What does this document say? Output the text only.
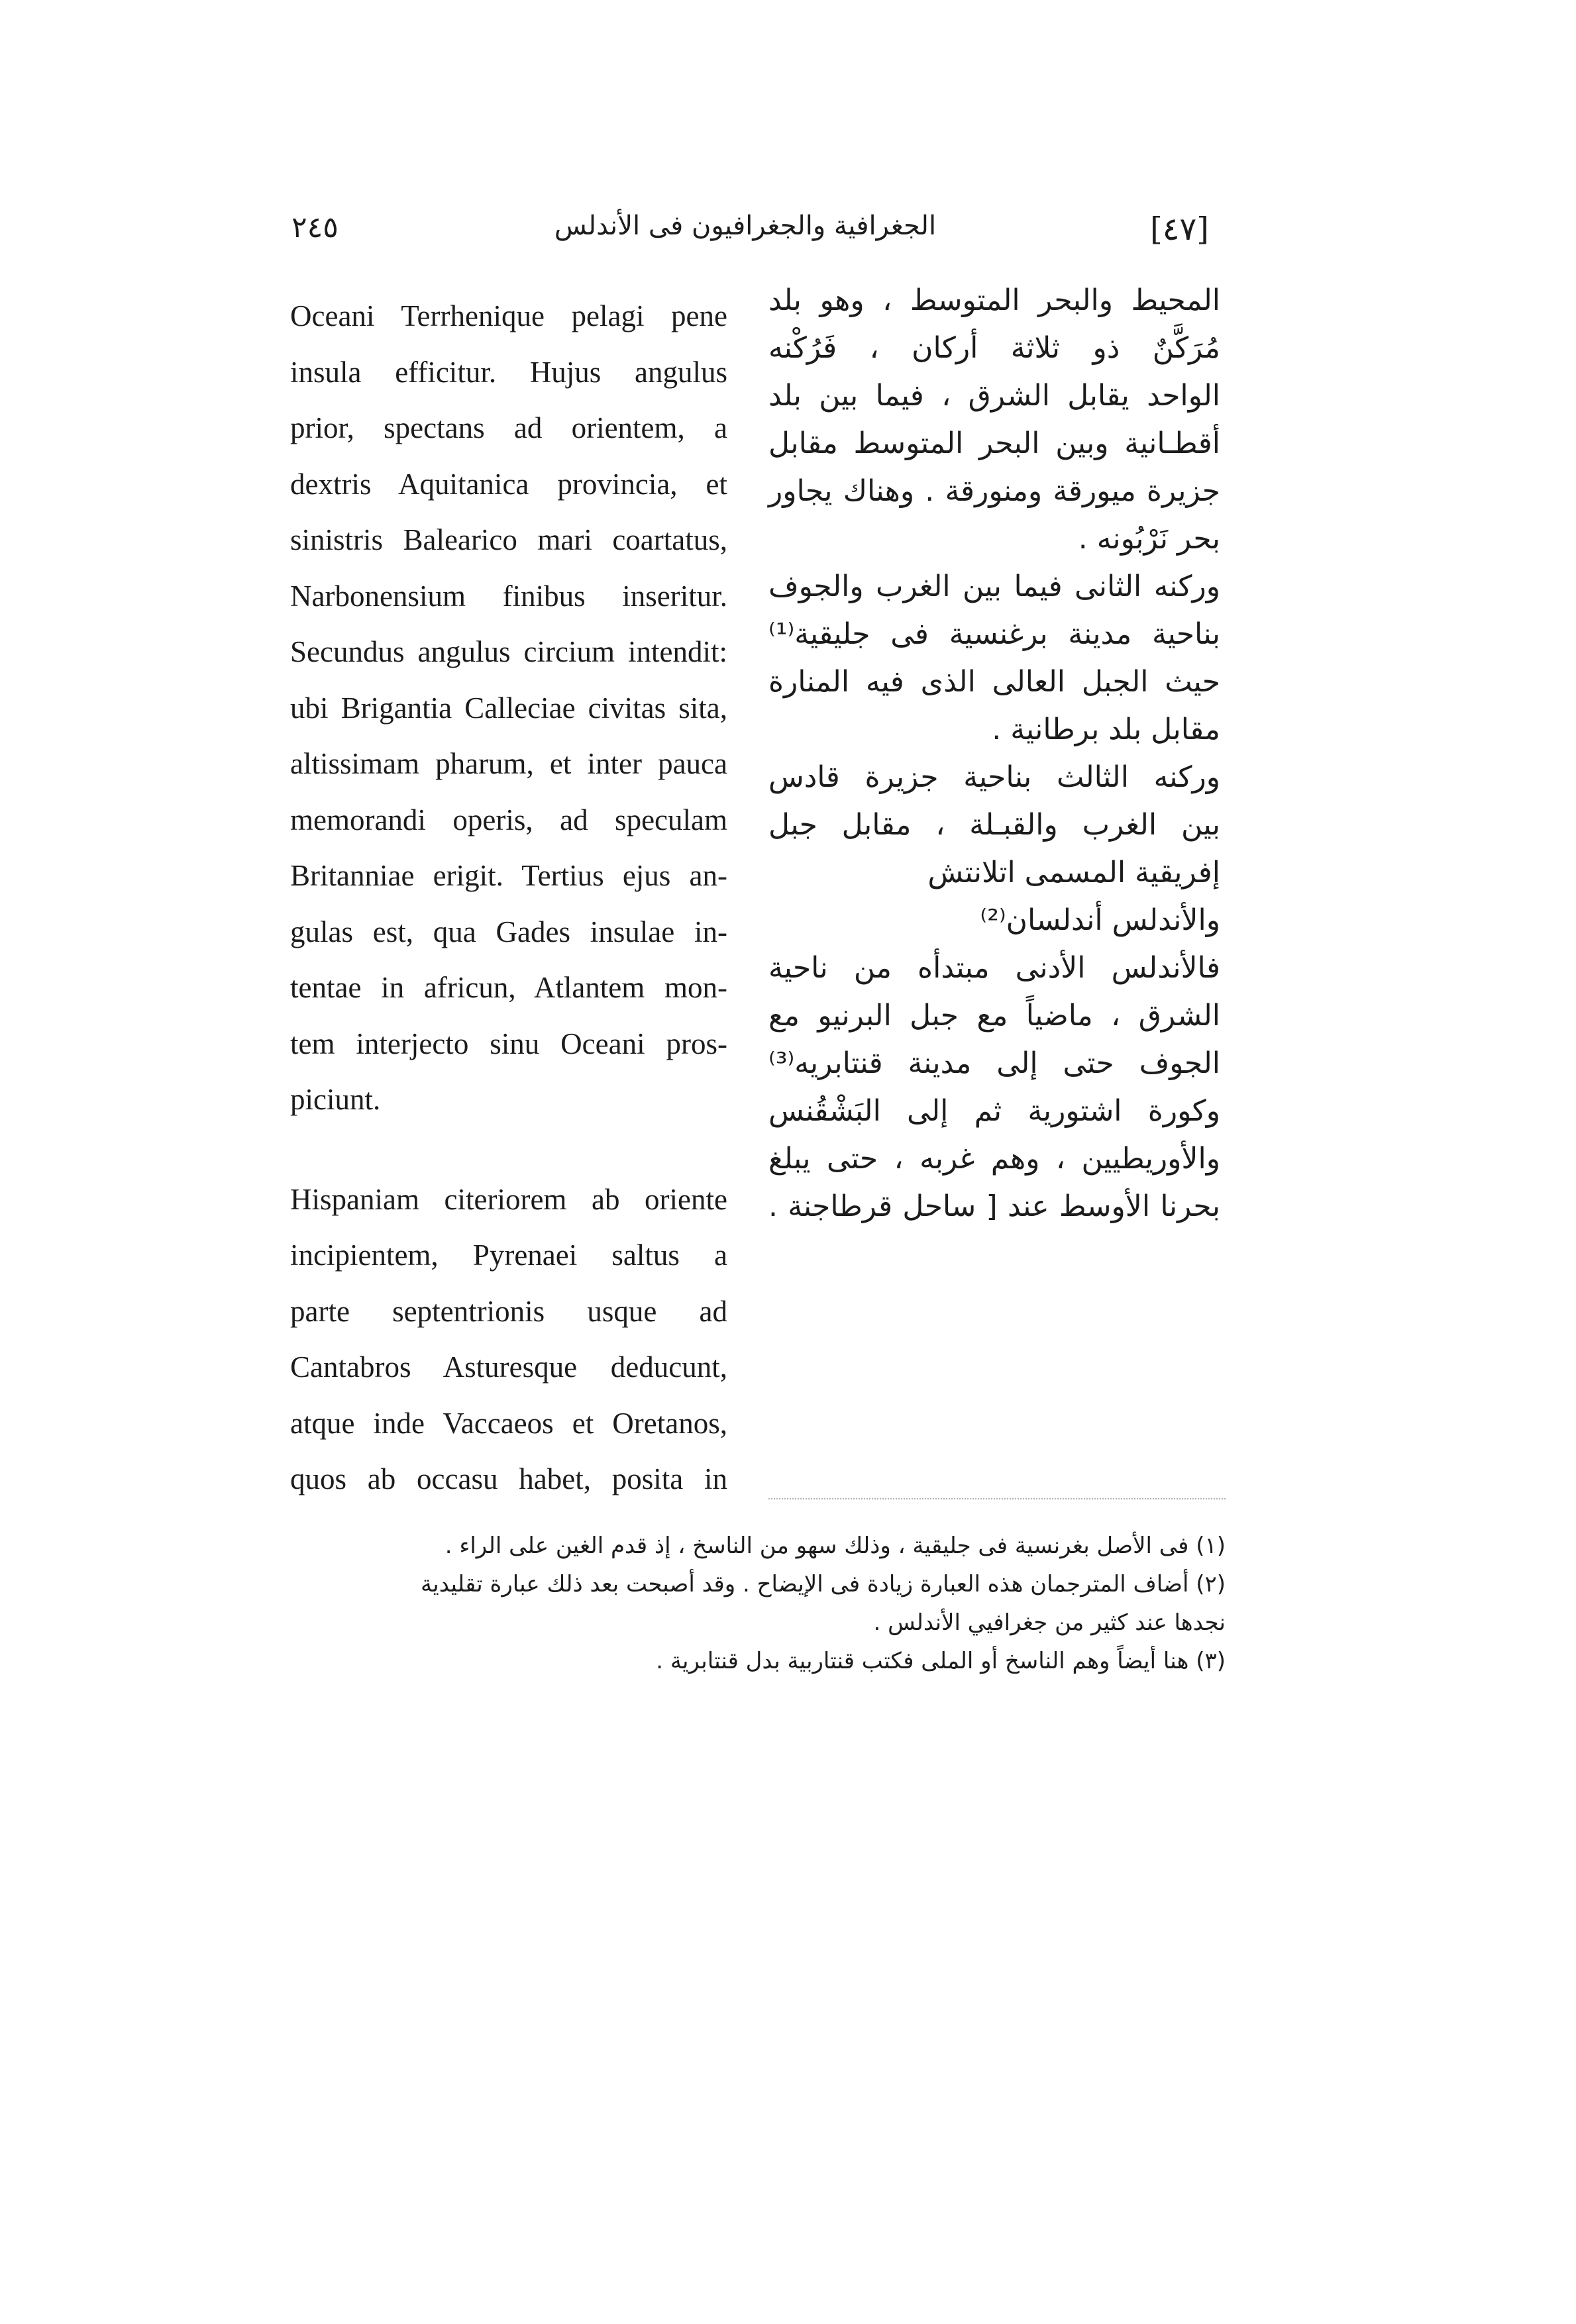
٢٤٥	الجغرافية والجغرافيون فى الأندلس	[٤٧]
Oceani Terrhenique pelagi pene
insula efficitur. Hujus angulus
prior, spectans ad orientem, a
dextris Aquitanica provincia, et
sinistris Balearico mari coartatus,
Narbonensium finibus inseritur.
Secundus angulus circium intendit:
ubi Brigantia Calleciae civitas sita,
altissimam pharum, et inter pauca
memorandi operis, ad speculam
Britanniae erigit. Tertius ejus an-
gulas est, qua Gades insulae in-
tentae in africun, Atlantem mon-
tem interjecto sinu Oceani pros-
piciunt.
Hispaniam citeriorem ab oriente
incipientem, Pyrenaei saltus a
parte septentrionis usque ad
Cantabros Asturesque deducunt,
atque inde Vaccaeos et Oretanos,
quos ab occasu habet, posita in
المحيط والبحر المتوسط ، وهو بلد
مُرَكَّنٌ ذو ثلاثة أركان ، فَرُكْنه
الواحد يقابل الشرق ، فيما بين بلد
أقطـانية وبين البحر المتوسط مقابل
جزيرة ميورقة ومنورقة . وهناك يجاور
بحر نَرْبُونه .
وركنه الثانى فيما بين الغرب والجوف
بناحية مدينة برغنسية فى جليقية⁽¹⁾
حيث الجبل العالى الذى فيه المنارة
مقابل بلد برطانية .
وركنه الثالث بناحية جزيرة قادس
بين الغرب والقبـلة ، مقابل جبل
إفريقية المسمى اتلانتش
والأندلس أندلسان⁽²⁾
فالأندلس الأدنى مبتدأه من ناحية
الشرق ، ماضياً مع جبل البرنيو مع
الجوف حتى إلى مدينة قنتابريه⁽³⁾
وكورة اشتورية ثم إلى البَشْقُنس
والأوريطيين ، وهم غربه ، حتى يبلغ
بحرنا الأوسط عند [ ساحل قرطاجنة .
(١) فى الأصل بغرنسية فى جليقية ، وذلك سهو من الناسخ ، إذ قدم الغين على الراء .
(٢) أضاف المترجمان هذه العبارة زيادة فى الإيضاح . وقد أصبحت بعد ذلك عبارة تقليدية
نجدها عند كثير من جغرافيي الأندلس .
(٣) هنا أيضاً وهم الناسخ أو الملى فكتب قنتاربية بدل قنتابرية .
